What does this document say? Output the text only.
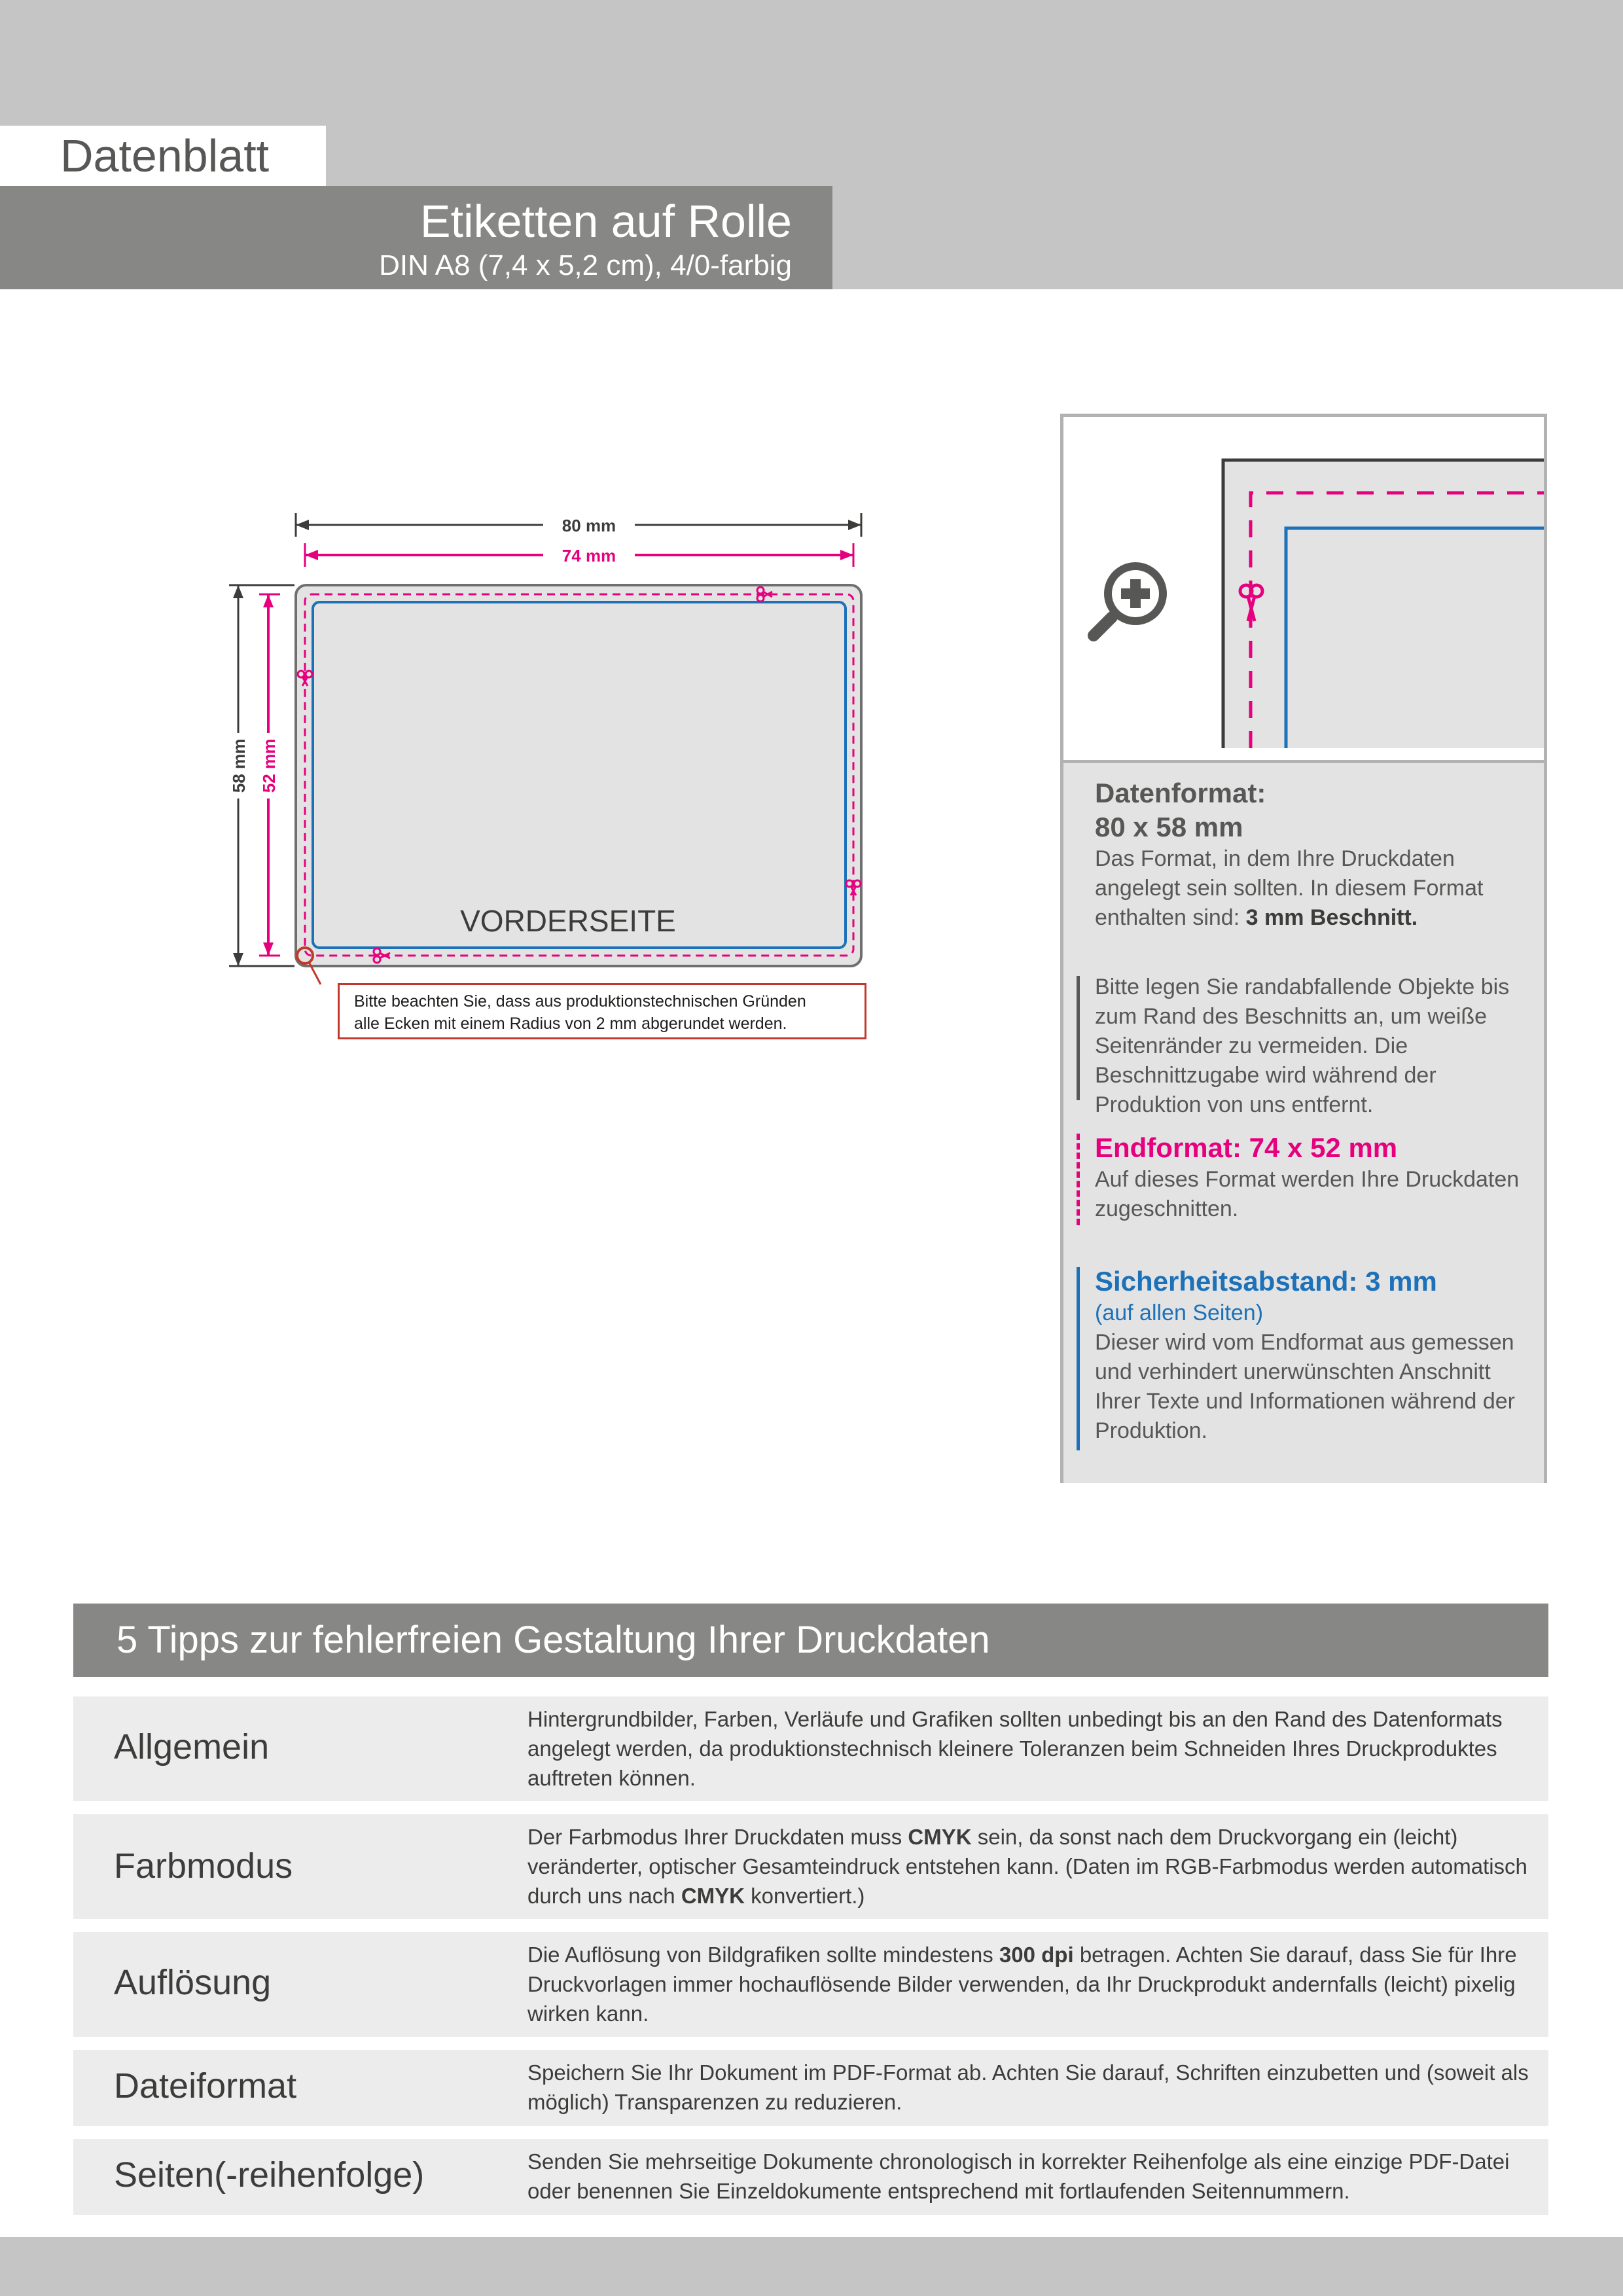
Datenblatt
Etiketten auf Rolle
DIN A8 (7,4 x 5,2 cm), 4/0-farbig
80 mm
74 mm
58 mm 52 mm
VORDERSEITE
Bitte beachten Sie, dass aus produktionstechnischen Gründen
alle Ecken mit einem Radius von 2 mm abgerundet werden.
Datenformat:
80 x 58 mm
Das Format, in dem Ihre Druckdaten angelegt sein sollten. In diesem Format enthalten sind: 3 mm Beschnitt.
Bitte legen Sie randabfallende Objekte bis zum Rand des Beschnitts an, um weiße Seitenränder zu vermeiden. Die Beschnittzugabe wird während der Produktion von uns entfernt.
Endformat: 74 x 52 mm
Auf dieses Format werden Ihre Druckdaten zugeschnitten.
Sicherheitsabstand: 3 mm
(auf allen Seiten)
Dieser wird vom Endformat aus gemessen und verhindert unerwünschten Anschnitt Ihrer Texte und Informationen während der Produktion.
5 Tipps zur fehlerfreien Gestaltung Ihrer Druckdaten
Allgemein
Hintergrundbilder, Farben, Verläufe und Grafiken sollten unbedingt bis an den Rand des Datenformats angelegt werden, da produktionstechnisch kleinere Toleranzen beim Schneiden Ihres Druckproduktes auftreten können.
Farbmodus
Der Farbmodus Ihrer Druckdaten muss CMYK sein, da sonst nach dem Druckvorgang ein (leicht) veränderter, optischer Gesamteindruck entstehen kann. (Daten im RGB-Farbmodus werden automatisch durch uns nach CMYK konvertiert.)
Auflösung
Die Auflösung von Bildgrafiken sollte mindestens 300 dpi betragen. Achten Sie darauf, dass Sie für Ihre Druckvorlagen immer hochauflösende Bilder verwenden, da Ihr Druckprodukt andernfalls (leicht) pixelig wirken kann.
Dateiformat	Speichern Sie Ihr Dokument im PDF-Format ab. Achten Sie darauf, Schriften einzubetten und (soweit als möglich) Transparenzen zu reduzieren.
Seiten(-reihenfolge)	Senden Sie mehrseitige Dokumente chronologisch in korrekter Reihenfolge als eine einzige PDF-Datei oder benennen Sie Einzeldokumente entsprechend mit fortlaufenden Seitennummern.
